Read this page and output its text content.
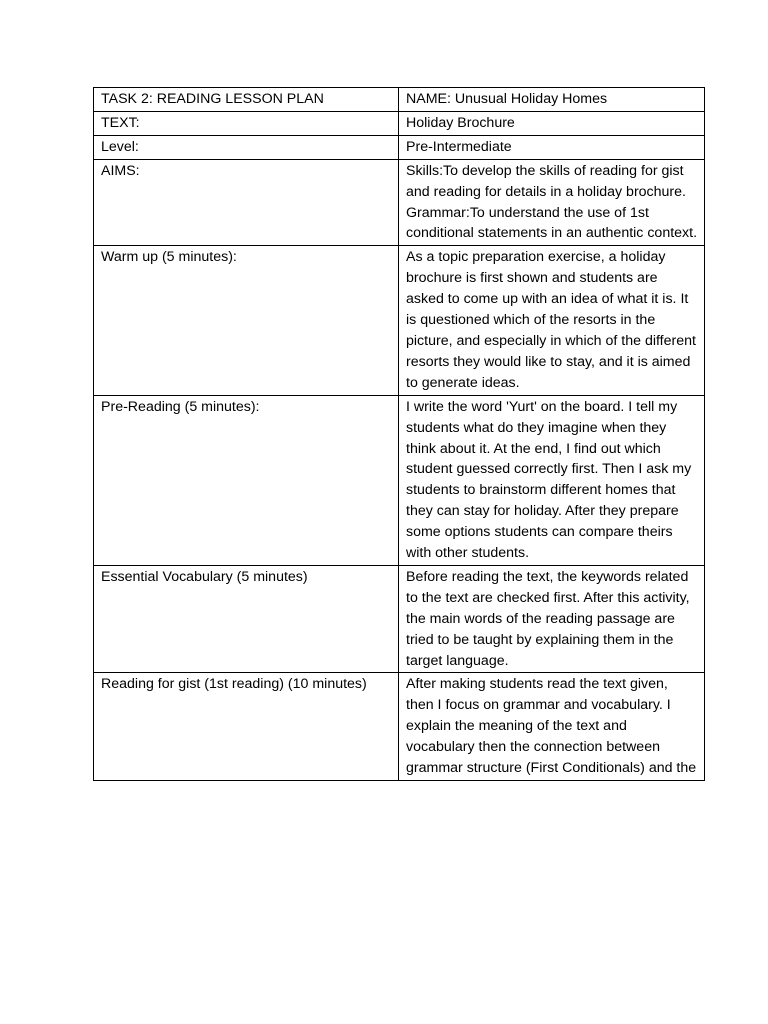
TASK 2: READING LESSON PLAN	NAME: Unusual Holiday Homes
TEXT:	Holiday Brochure
Level:	Pre-Intermediate
AIMS:	Skills:To develop the skills of reading for gist and reading for details in a holiday brochure.
Grammar:To understand the use of 1st conditional statements in an authentic context.

Warm up (5 minutes):	As a topic preparation exercise, a holiday brochure is first shown and students are asked to come up with an idea of what it is. It is questioned which of the resorts in the picture, and especially in which of the different resorts they would like to stay, and it is aimed to generate ideas.
Pre-Reading (5 minutes):	I write the word 'Yurt' on the board. I tell my students what do they imagine when they think about it. At the end, I find out which student guessed correctly first. Then I ask my students to brainstorm different homes that they can stay for holiday. After they prepare some options students can compare theirs with other students.
Essential Vocabulary (5 minutes)	Before reading the text, the keywords related to the text are checked first. After this activity, the main words of the reading passage are tried to be taught by explaining them in the target language.
Reading for gist (1st reading) (10 minutes)	After making students read the text given, then I focus on grammar and vocabulary. I explain the meaning of the text and vocabulary then the connection between grammar structure (First Conditionals) and the
